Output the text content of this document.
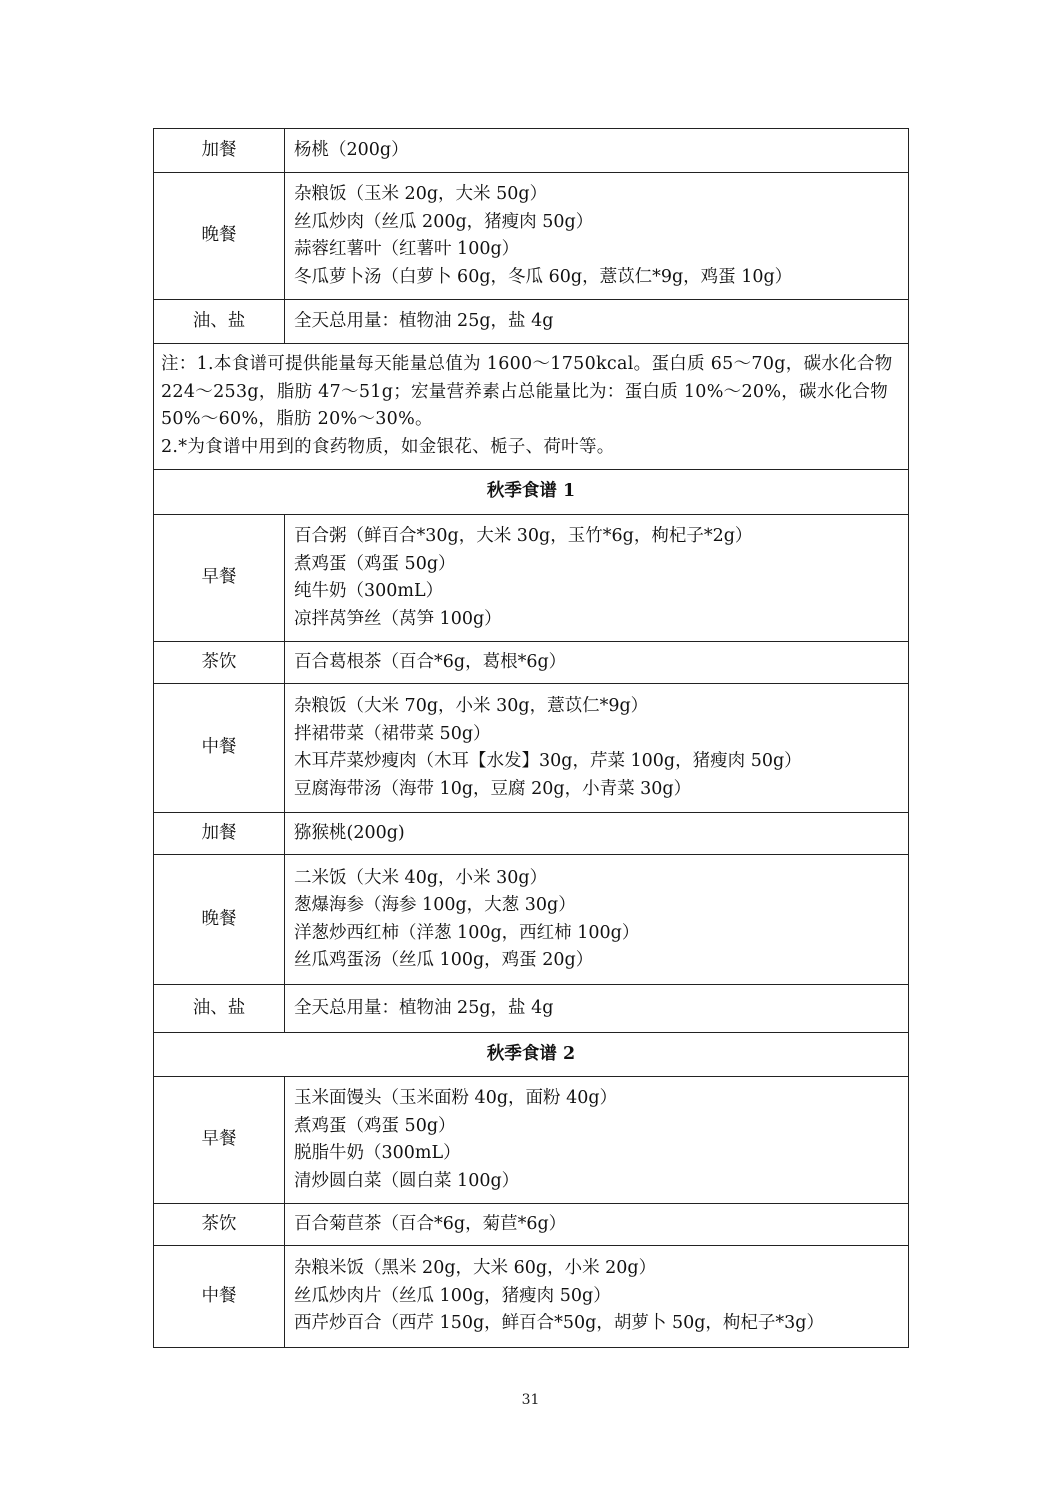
加餐	杨桃（200g）

晚餐	杂粮饭（玉米 20g，大米 50g）
丝瓜炒肉（丝瓜 200g，猪瘦肉 50g）
蒜蓉红薯叶（红薯叶 100g）
冬瓜萝卜汤（白萝卜 60g，冬瓜 60g，薏苡仁*9g，鸡蛋 10g）

油、盐	全天总用量：植物油 25g，盐 4g

注：1.本食谱可提供能量每天能量总值为 1600～1750kcal。蛋白质 65～70g，碳水化合物 224～253g，脂肪 47～51g；宏量营养素占总能量比为：蛋白质 10%～20%，碳水化合物 50%～60%，脂肪 20%～30%。
2.*为食谱中用到的食药物质，如金银花、栀子、荷叶等。	

秋季食谱 1	
早餐	百合粥（鲜百合*30g，大米 30g，玉竹*6g，枸杞子*2g）
煮鸡蛋（鸡蛋 50g）
纯牛奶（300mL）
凉拌莴笋丝（莴笋 100g）

茶饮	百合葛根茶（百合*6g，葛根*6g）

中餐	杂粮饭（大米 70g，小米 30g，薏苡仁*9g）
拌裙带菜（裙带菜 50g）
木耳芹菜炒瘦肉（木耳【水发】30g，芹菜 100g，猪瘦肉 50g）
豆腐海带汤（海带 10g，豆腐 20g，小青菜 30g）

加餐	猕猴桃(200g)

晚餐	二米饭（大米 40g，小米 30g）
葱爆海参（海参 100g，大葱 30g）
洋葱炒西红柿（洋葱 100g，西红柿 100g）
丝瓜鸡蛋汤（丝瓜 100g，鸡蛋 20g）

油、盐	全天总用量：植物油 25g，盐 4g

秋季食谱 2	
早餐	玉米面馒头（玉米面粉 40g，面粉 40g）
煮鸡蛋（鸡蛋 50g）
脱脂牛奶（300mL）
清炒圆白菜（圆白菜 100g）

茶饮	百合菊苣茶（百合*6g，菊苣*6g）

中餐	杂粮米饭（黑米 20g，大米 60g，小米 20g）
丝瓜炒肉片（丝瓜 100g，猪瘦肉 50g）
西芹炒百合（西芹 150g，鲜百合*50g，胡萝卜 50g，枸杞子*3g）
31
